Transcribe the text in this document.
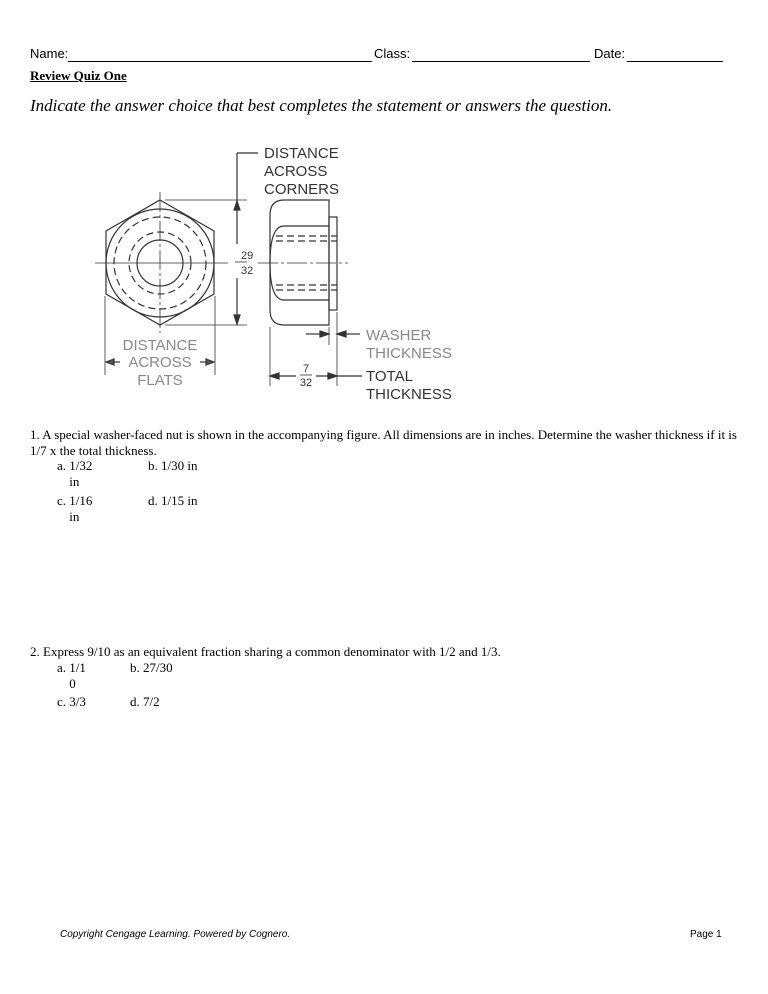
Name:	Class:	Date:
Review Quiz One
Indicate the answer choice that best completes the statement or answers the question.
DISTANCE
ACROSS
CORNERS
29
32
DISTANCE
ACROSS
FLATS
WASHER
THICKNESS
TOTAL
THICKNESS
7
32
1. A special washer-faced nut is shown in the accompanying figure. All dimensions are in inches. Determine the washer thickness if it is 1/7 x the total thickness.
a. 1/32 in
b. 1/30 in
c. 1/16 in
d. 1/15 in
2. Express 9/10 as an equivalent fraction sharing a common denominator with 1/2 and 1/3.
a. 1/10
b. 27/30
c. 3/3	d. 7/2
Copyright Cengage Learning. Powered by Cognero.	Page 1
